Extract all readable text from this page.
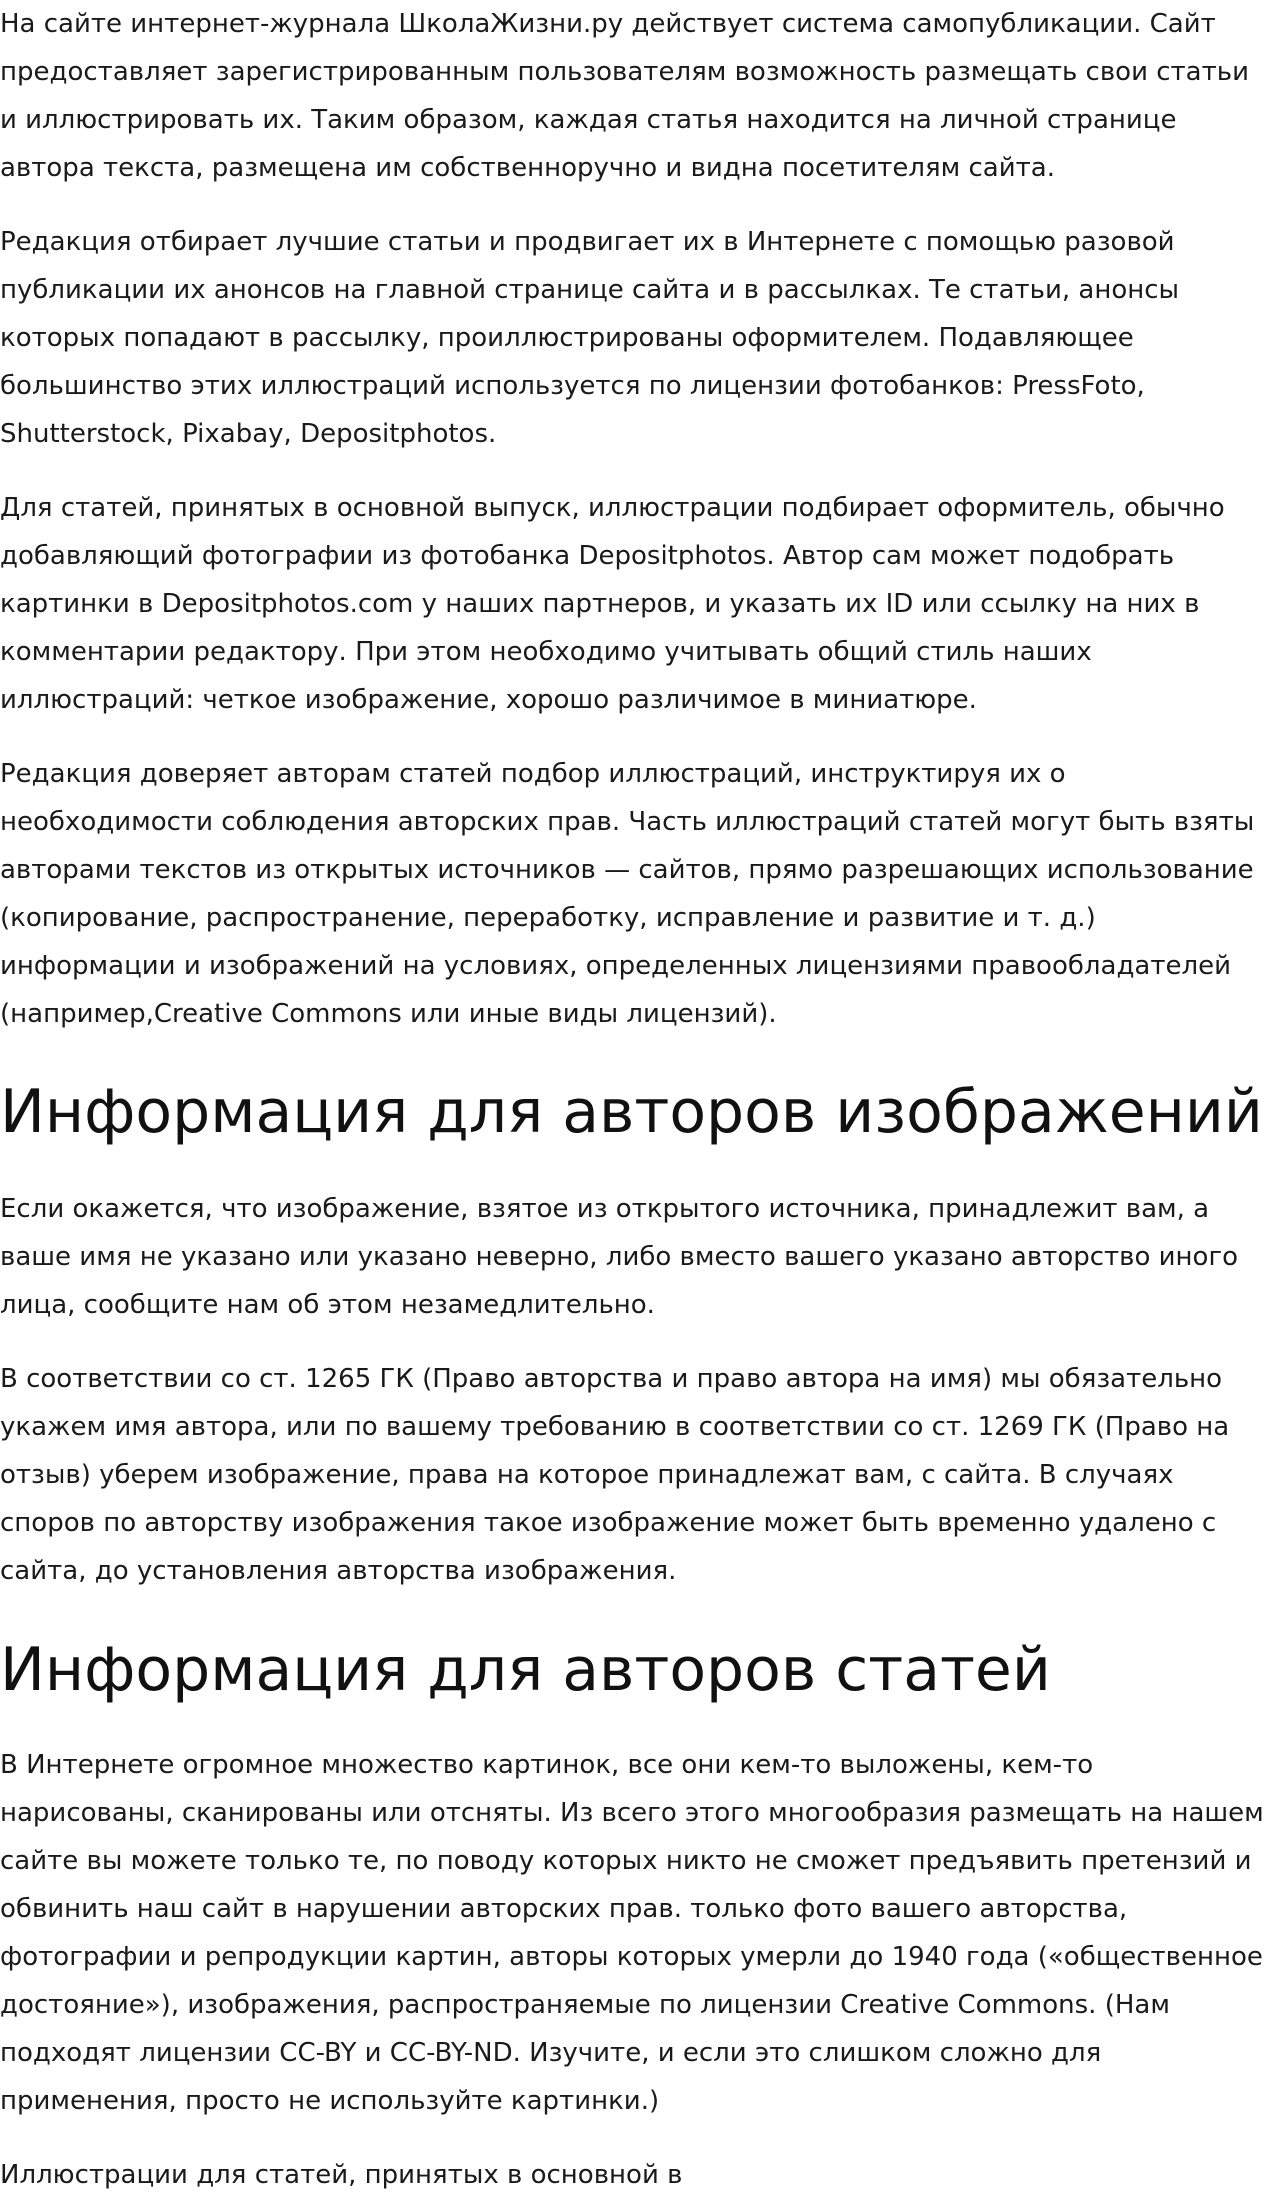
На сайте интернет-журнала ШколаЖизни.ру действует система самопубликации. Сайт
предоставляет зарегистрированным пользователям возможность размещать свои статьи
и иллюстрировать их. Таким образом, каждая статья находится на личной странице
автора текста, размещена им собственноручно и видна посетителям сайта.

Редакция отбирает лучшие статьи и продвигает их в Интернете с помощью разовой
публикации их анонсов на главной странице сайта и в рассылках. Те статьи, анонсы
которых попадают в рассылку, проиллюстрированы оформителем. Подавляющее
большинство этих иллюстраций используется по лицензии фотобанков: PressFoto,
Shutterstock, Pixabay, Depositphotos.

Для статей, принятых в основной выпуск, иллюстрации подбирает оформитель, обычно
добавляющий фотографии из фотобанка Depositphotos. Автор сам может подобрать
картинки в Depositphotos.com у наших партнеров, и указать их ID или ссылку на них в
комментарии редактору. При этом необходимо учитывать общий стиль наших
иллюстраций: четкое изображение, хорошо различимое в миниатюре.

Редакция доверяет авторам статей подбор иллюстраций, инструктируя их о
необходимости соблюдения авторских прав. Часть иллюстраций статей могут быть взяты
авторами текстов из открытых источников — сайтов, прямо разрешающих использование
(копирование, распространение, переработку, исправление и развитие и т. д.)
информации и изображений на условиях, определенных лицензиями правообладателей
(например,Creative Commons или иные виды лицензий).

Информация для авторов изображений

Если окажется, что изображение, взятое из открытого источника, принадлежит вам, а
ваше имя не указано или указано неверно, либо вместо вашего указано авторство иного
лица, сообщите нам об этом незамедлительно.

В соответствии со ст. 1265 ГК (Право авторства и право автора на имя) мы обязательно
укажем имя автора, или по вашему требованию в соответствии со ст. 1269 ГК (Право на
отзыв) уберем изображение, права на которое принадлежат вам, с сайта. В случаях
споров по авторству изображения такое изображение может быть временно удалено с
сайта, до установления авторства изображения.

Информация для авторов статей

В Интернете огромное множество картинок, все они кем-то выложены, кем-то
нарисованы, сканированы или отсняты. Из всего этого многообразия размещать на нашем
сайте вы можете только те, по поводу которых никто не сможет предъявить претензий и
обвинить наш сайт в нарушении авторских прав. только фото вашего авторства,
фотографии и репродукции картин, авторы которых умерли до 1940 года («общественное
достояние»), изображения, распространяемые по лицензии Creative Commons. (Нам
подходят лицензии CC-BY и CC-BY-ND. Изучите, и если это слишком сложно для
применения, просто не используйте картинки.)

Иллюстрации для статей, принятых в основной в
